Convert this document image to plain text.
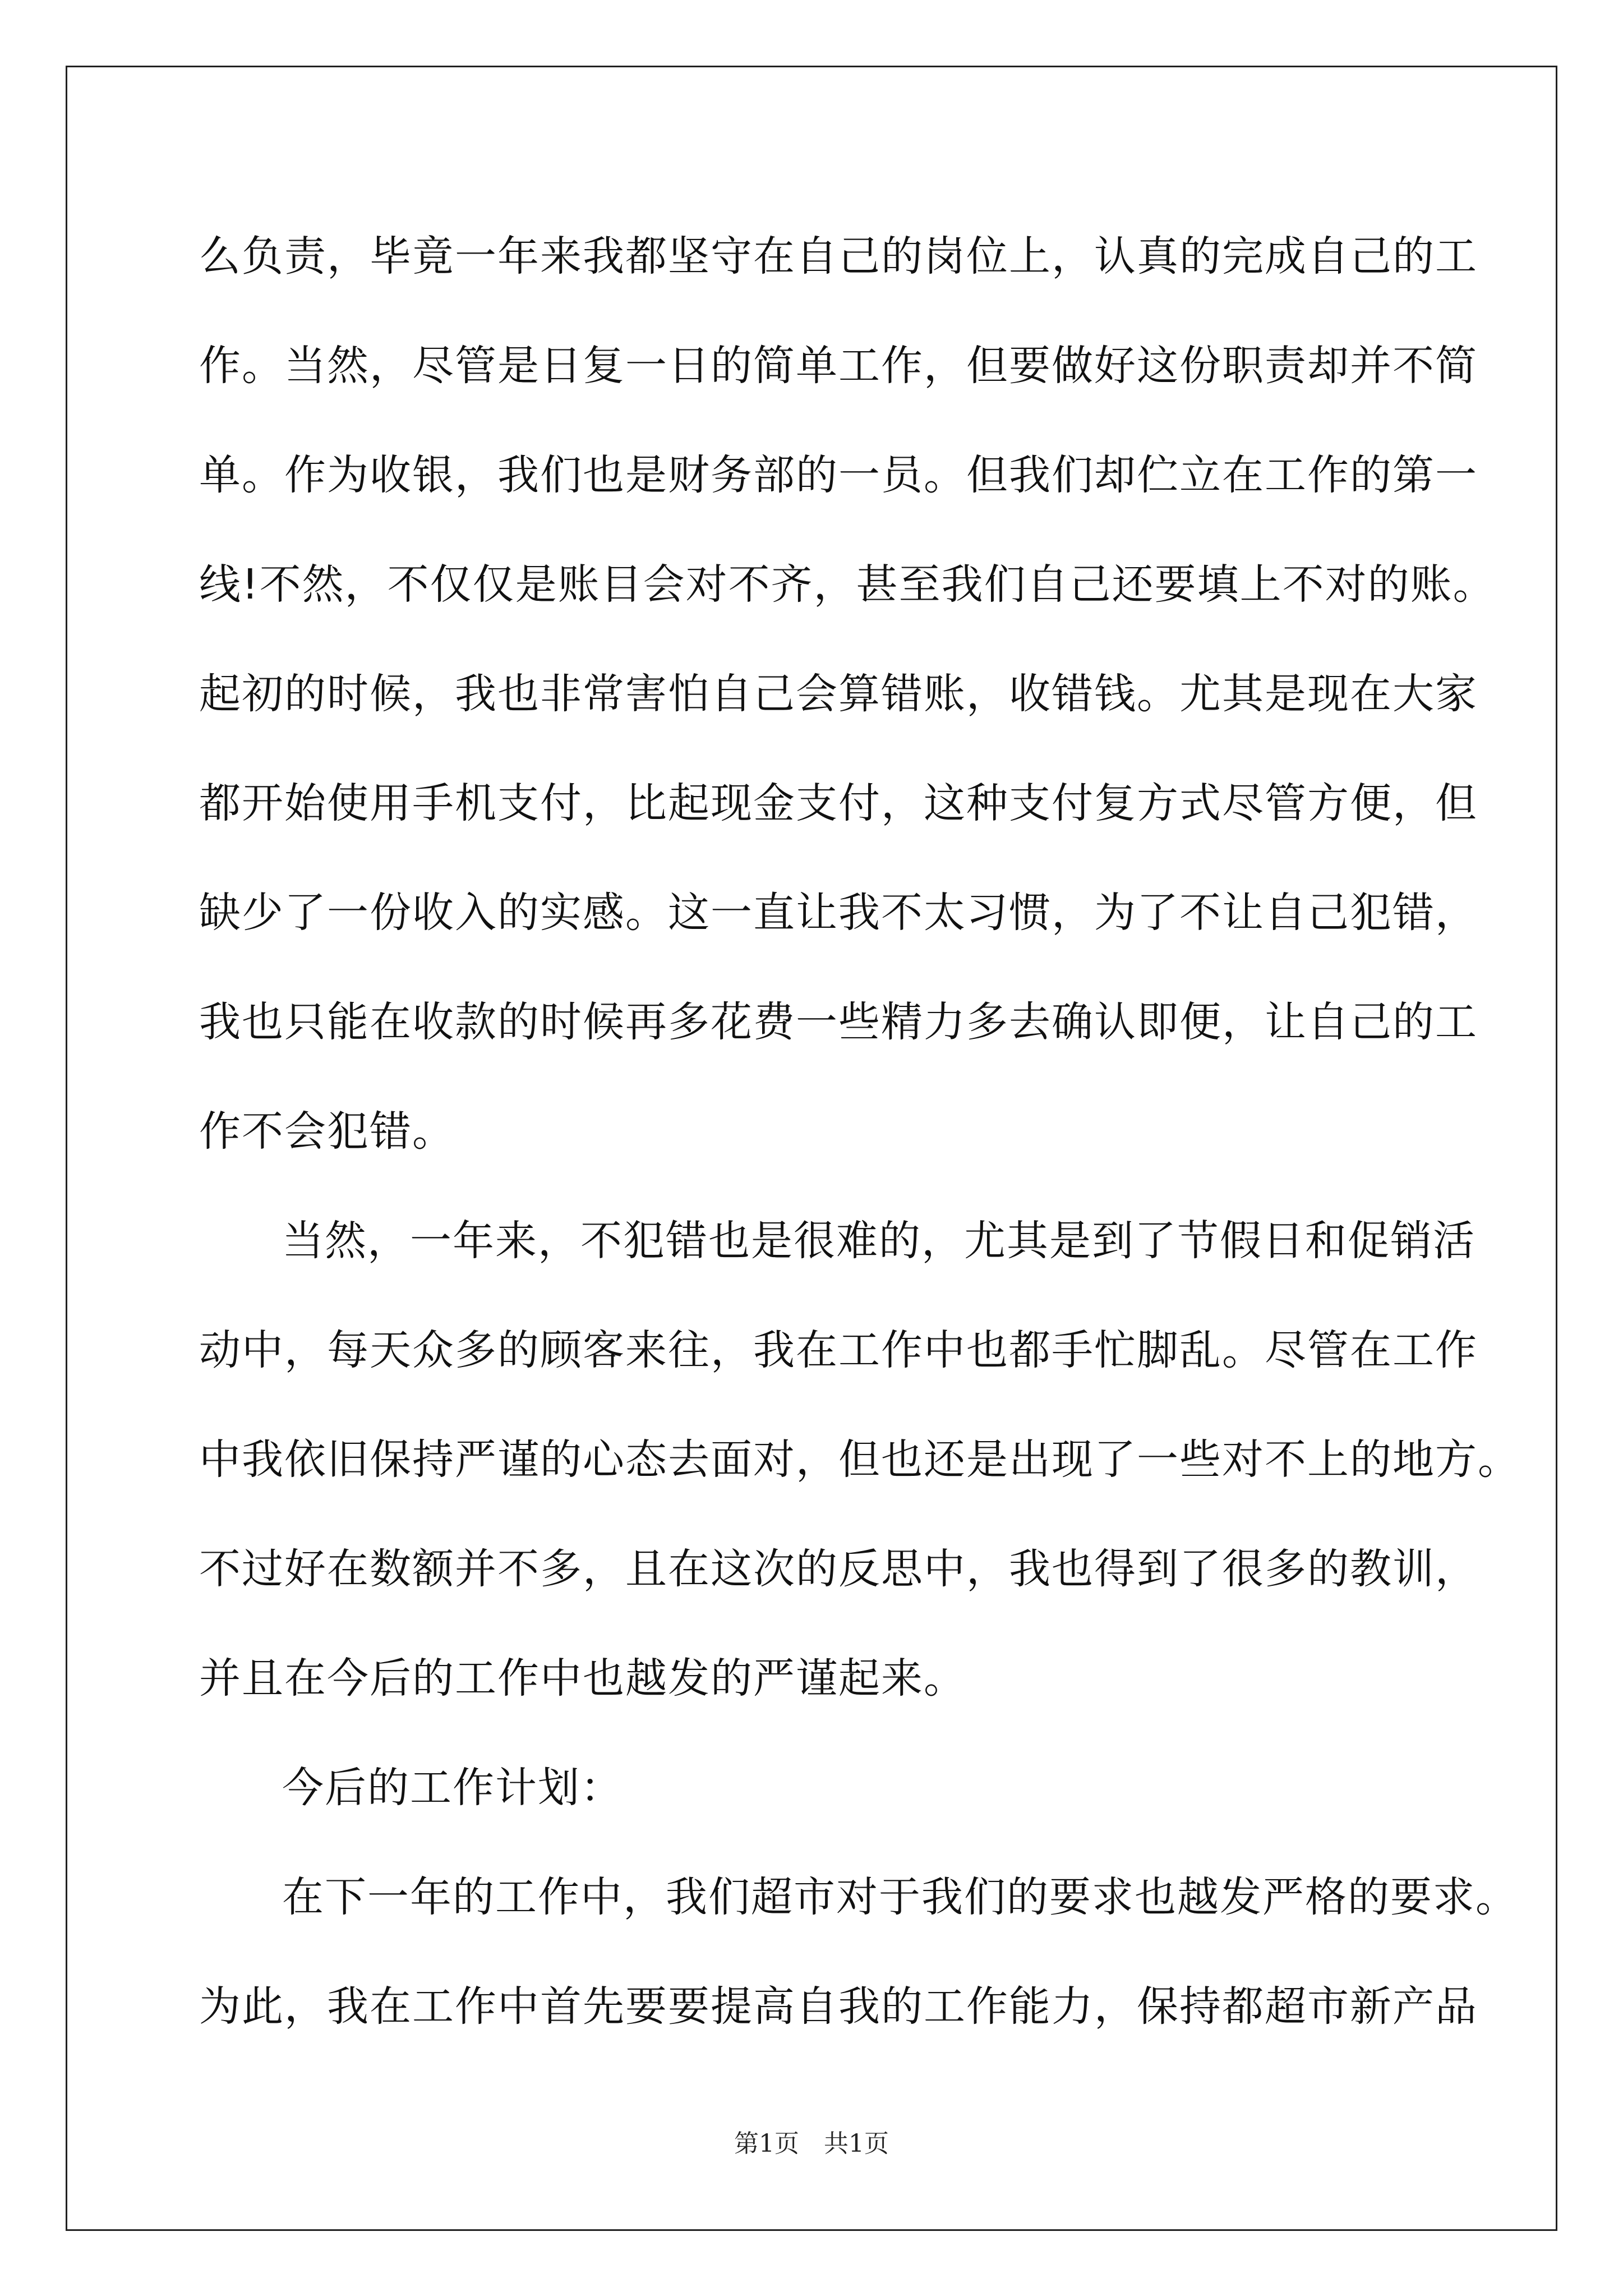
么负责，毕竟一年来我都坚守在自己的岗位上，认真的完成自己的工
作。当然，尽管是日复一日的简单工作，但要做好这份职责却并不简
单。作为收银，我们也是财务部的一员。但我们却伫立在工作的第一
线!不然，不仅仅是账目会对不齐，甚至我们自己还要填上不对的账。
起初的时候，我也非常害怕自己会算错账，收错钱。尤其是现在大家
都开始使用手机支付，比起现金支付，这种支付复方式尽管方便，但
缺少了一份收入的实感。这一直让我不太习惯，为了不让自己犯错，
我也只能在收款的时候再多花费一些精力多去确认即便，让自己的工
作不会犯错。
当然，一年来，不犯错也是很难的，尤其是到了节假日和促销活
动中，每天众多的顾客来往，我在工作中也都手忙脚乱。尽管在工作
中我依旧保持严谨的心态去面对，但也还是出现了一些对不上的地方。
不过好在数额并不多，且在这次的反思中，我也得到了很多的教训，
并且在今后的工作中也越发的严谨起来。
今后的工作计划：
在下一年的工作中，我们超市对于我们的要求也越发严格的要求。
为此，我在工作中首先要要提高自我的工作能力，保持都超市新产品
第1页　共1页
